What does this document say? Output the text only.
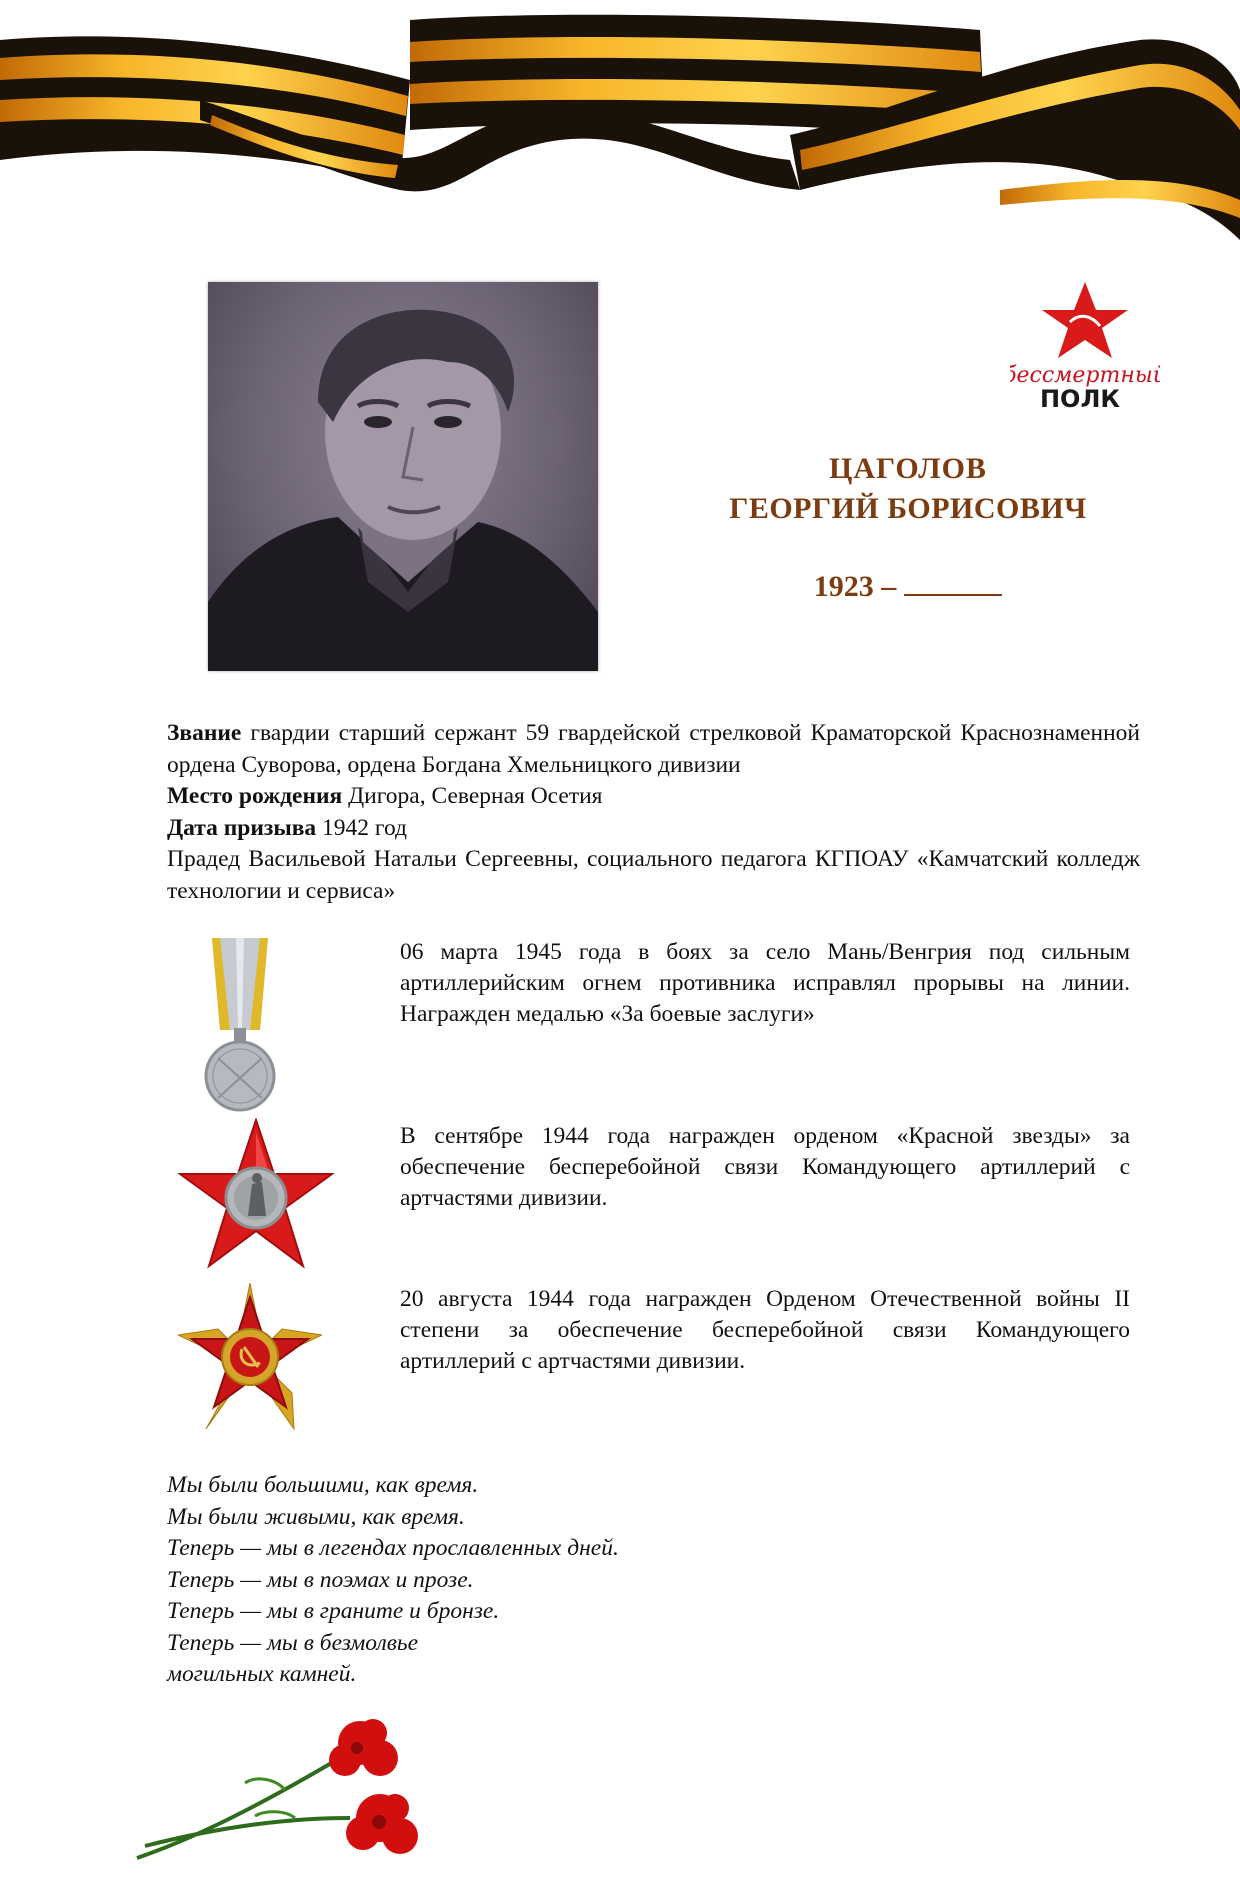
бессмертный
ПОЛК
ЦАГОЛОВ
ГЕОРГИЙ БОРИСОВИЧ
1923 –

Звание гвардии старший сержант 59 гвардейской стрелковой Краматорской Краснознаменной ордена Суворова, ордена Богдана Хмельницкого дивизии

Место рождения Дигора, Северная Осетия

Дата призыва 1942 год

Прадед Васильевой Натальи Сергеевны, социального педагога КГПОАУ «Камчатский колледж технологии и сервиса»

06 марта 1945 года в боях за село Мань/Венгрия под сильным артиллерийским огнем противника исправлял прорывы на линии. Награжден медалью «За боевые заслуги»
В сентябре 1944 года награжден орденом «Красной звезды» за обеспечение бесперебойной связи Командующего артиллерий с артчастями дивизии.
20 августа 1944 года награжден Орденом Отечественной войны II степени за обеспечение бесперебойной связи Командующего артиллерий с артчастями дивизии.
Мы были большими, как время.
Мы были живыми, как время.
Теперь — мы в легендах прославленных дней.
Теперь — мы в поэмах и прозе.
Теперь — мы в граните и бронзе.
Теперь — мы в безмолвье
могильных камней.
